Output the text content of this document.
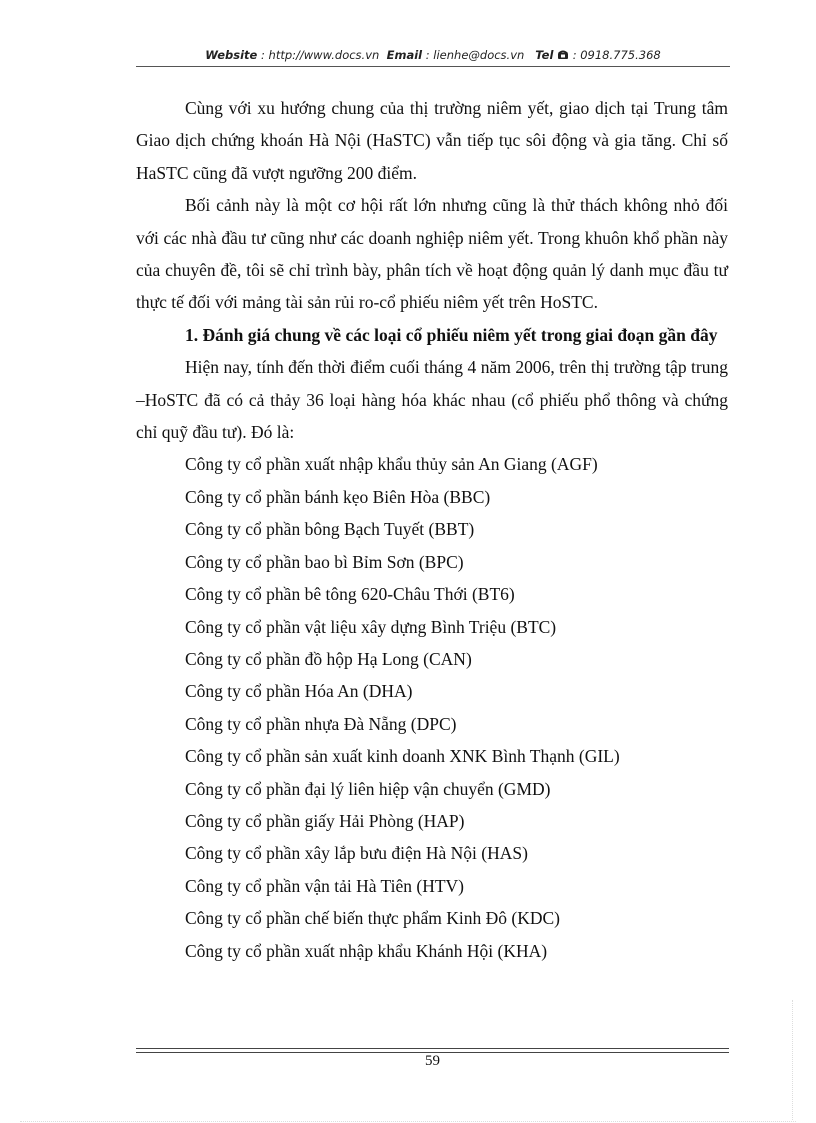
Website : http://www.docs.vn Email : lienhe@docs.vn Tel : 0918.775.368

Cùng với xu hướng chung của thị trường niêm yết, giao dịch tại Trung tâm Giao dịch chứng khoán Hà Nội (HaSTC) vẫn tiếp tục sôi động và gia tăng. Chỉ số HaSTC cũng đã vượt ngưỡng 200 điểm.

Bối cảnh này là một cơ hội rất lớn nhưng cũng là thử thách không nhỏ đối với các nhà đầu tư cũng như các doanh nghiệp niêm yết. Trong khuôn khổ phần này của chuyên đề, tôi sẽ chỉ trình bày, phân tích về hoạt động quản lý danh mục đầu tư thực tế đối với mảng tài sản rủi ro-cổ phiếu niêm yết trên HoSTC.

1. Đánh giá chung về các loại cổ phiếu niêm yết trong giai đoạn gần đây

Hiện nay, tính đến thời điểm cuối tháng 4 năm 2006, trên thị trường tập trung –HoSTC đã có cả thảy 36 loại hàng hóa khác nhau (cổ phiếu phổ thông và chứng chỉ quỹ đầu tư). Đó là:

Công ty cổ phần xuất nhập khẩu thủy sản An Giang (AGF)
Công ty cổ phần bánh kẹo Biên Hòa (BBC)
Công ty cổ phần bông Bạch Tuyết (BBT)
Công ty cổ phần bao bì Bỉm Sơn (BPC)
Công ty cổ phần bê tông 620-Châu Thới (BT6)
Công ty cổ phần vật liệu xây dựng Bình Triệu (BTC)
Công ty cổ phần đồ hộp Hạ Long (CAN)
Công ty cổ phần Hóa An (DHA)
Công ty cổ phần nhựa Đà Nẵng (DPC)
Công ty cổ phần sản xuất kinh doanh XNK Bình Thạnh (GIL)
Công ty cổ phần đại lý liên hiệp vận chuyển (GMD)
Công ty cổ phần giấy Hải Phòng (HAP)
Công ty cổ phần xây lắp bưu điện Hà Nội (HAS)
Công ty cổ phần vận tải Hà Tiên (HTV)
Công ty cổ phần chế biến thực phẩm Kinh Đô (KDC)
Công ty cổ phần xuất nhập khẩu Khánh Hội (KHA)
59
